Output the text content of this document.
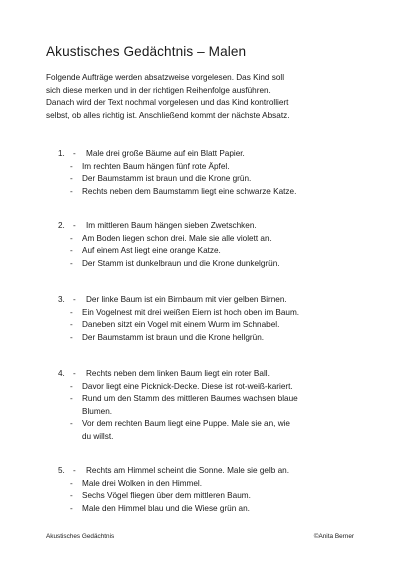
Akustisches Gedächtnis – Malen
Folgende Aufträge werden absatzweise vorgelesen. Das Kind soll
sich diese merken und in der richtigen Reihenfolge ausführen.
Danach wird der Text nochmal vorgelesen und das Kind kontrolliert
selbst, ob alles richtig ist. Anschließend kommt der nächste Absatz.
1. - Male drei große Bäume auf ein Blatt Papier.
- Im rechten Baum hängen fünf rote Äpfel.
- Der Baumstamm ist braun und die Krone grün.
- Rechts neben dem Baumstamm liegt eine schwarze Katze.
2. - Im mittleren Baum hängen sieben Zwetschken.
- Am Boden liegen schon drei. Male sie alle violett an.
- Auf einem Ast liegt eine orange Katze.
- Der Stamm ist dunkelbraun und die Krone dunkelgrün.
3. - Der linke Baum ist ein Birnbaum mit vier gelben Birnen.
- Ein Vogelnest mit drei weißen Eiern ist hoch oben im Baum.
- Daneben sitzt ein Vogel mit einem Wurm im Schnabel.
- Der Baumstamm ist braun und die Krone hellgrün.
4. - Rechts neben dem linken Baum liegt ein roter Ball.
- Davor liegt eine Picknick-Decke. Diese ist rot-weiß-kariert.
- Rund um den Stamm des mittleren Baumes wachsen blaue
Blumen.
- Vor dem rechten Baum liegt eine Puppe. Male sie an, wie
du willst.
5. - Rechts am Himmel scheint die Sonne. Male sie gelb an.
- Male drei Wolken in den Himmel.
- Sechs Vögel fliegen über dem mittleren Baum.
- Male den Himmel blau und die Wiese grün an.
Akustisches Gedächtnis	©Anita Berner
